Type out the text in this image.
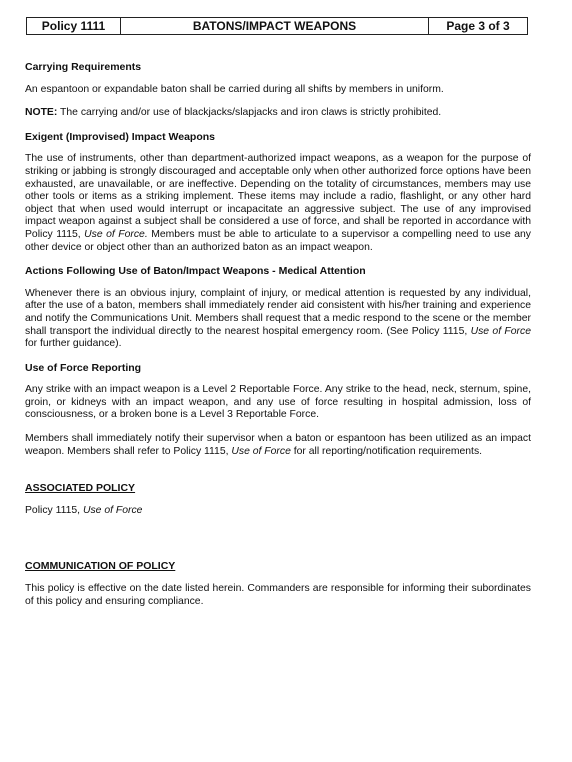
Policy 1111	BATONS/IMPACT WEAPONS	Page 3 of 3
Carrying Requirements

An espantoon or expandable baton shall be carried during all shifts by members in uniform.

NOTE: The carrying and/or use of blackjacks/slapjacks and iron claws is strictly prohibited.

Exigent (Improvised) Impact Weapons

The use of instruments, other than department-authorized impact weapons, as a weapon for the purpose of striking or jabbing is strongly discouraged and acceptable only when other authorized force options have been exhausted, are unavailable, or are ineffective. Depending on the totality of circumstances, members may use other tools or items as a striking implement. These items may include a radio, flashlight, or any other hard object that when used would interrupt or incapacitate an aggressive subject. The use of any improvised impact weapon against a subject shall be considered a use of force, and shall be reported in accordance with Policy 1115, Use of Force. Members must be able to articulate to a supervisor a compelling need to use any other device or object other than an authorized baton as an impact weapon.

Actions Following Use of Baton/Impact Weapons - Medical Attention

Whenever there is an obvious injury, complaint of injury, or medical attention is requested by any individual, after the use of a baton, members shall immediately render aid consistent with his/her training and experience and notify the Communications Unit. Members shall request that a medic respond to the scene or the member shall transport the individual directly to the nearest hospital emergency room. (See Policy 1115, Use of Force for further guidance).

Use of Force Reporting

Any strike with an impact weapon is a Level 2 Reportable Force. Any strike to the head, neck, sternum, spine, groin, or kidneys with an impact weapon, and any use of force resulting in hospital admission, loss of consciousness, or a broken bone is a Level 3 Reportable Force.

Members shall immediately notify their supervisor when a baton or espantoon has been utilized as an impact weapon. Members shall refer to Policy 1115, Use of Force for all reporting/notification requirements.

ASSOCIATED POLICY

Policy 1115, Use of Force

COMMUNICATION OF POLICY

This policy is effective on the date listed herein. Commanders are responsible for informing their subordinates of this policy and ensuring compliance.
